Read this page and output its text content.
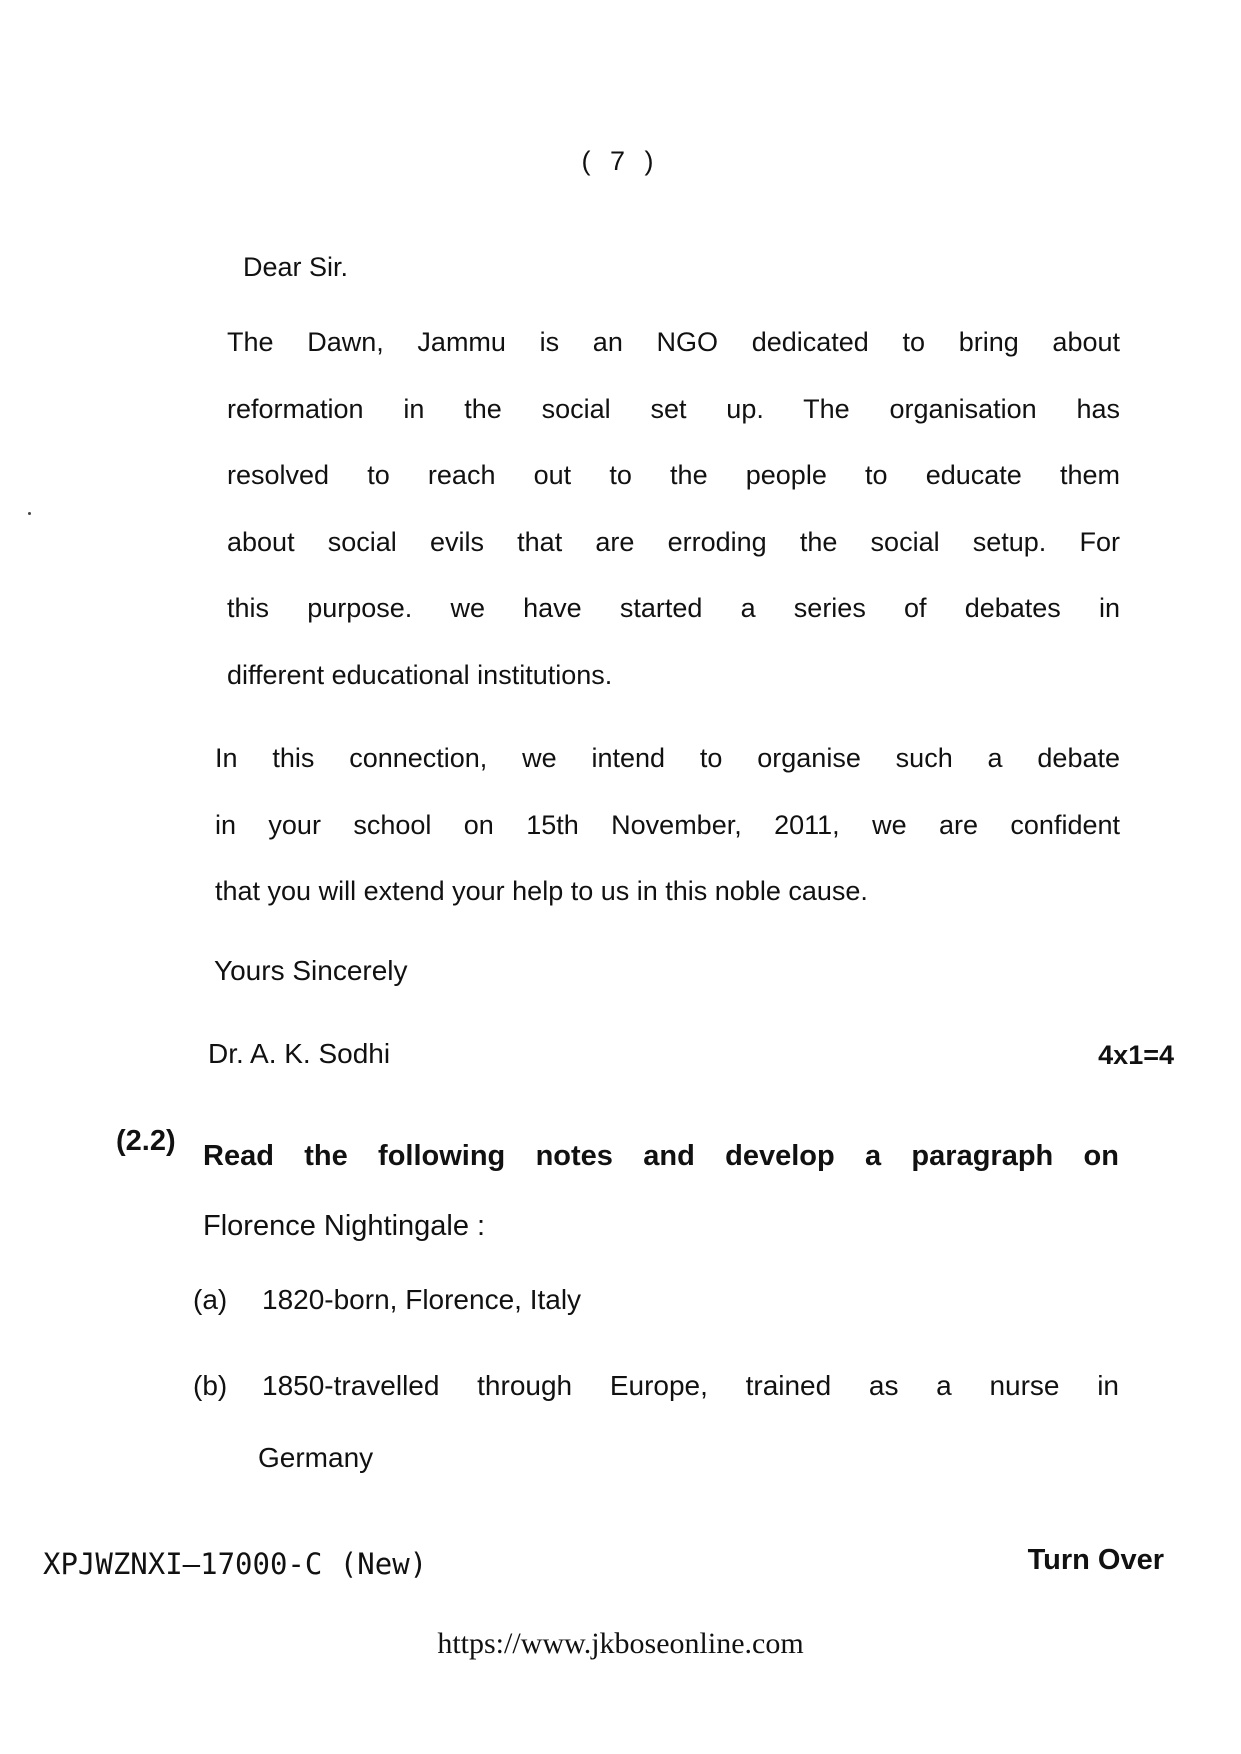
( 7 )
Dear Sir.
The Dawn, Jammu is an NGO dedicated to bring about
reformation in the social set up. The organisation has
resolved to reach out to the people to educate them
about social evils that are erroding the social setup. For
this purpose. we have started a series of debates in
different educational institutions.
In this connection, we intend to organise such a debate
in your school on 15th November, 2011, we are confident
that you will extend your help to us in this noble cause.
Yours Sincerely
Dr. A. K. Sodhi	4x1=4
(2.2) Read the following notes and develop a paragraph on
Florence Nightingale :
(a) 1820-born, Florence, Italy
(b) 1850-travelled through Europe, trained as a nurse in
Germany
XPJWZNXI—17000-C (New)	Turn Over
https://www.jkboseonline.com
